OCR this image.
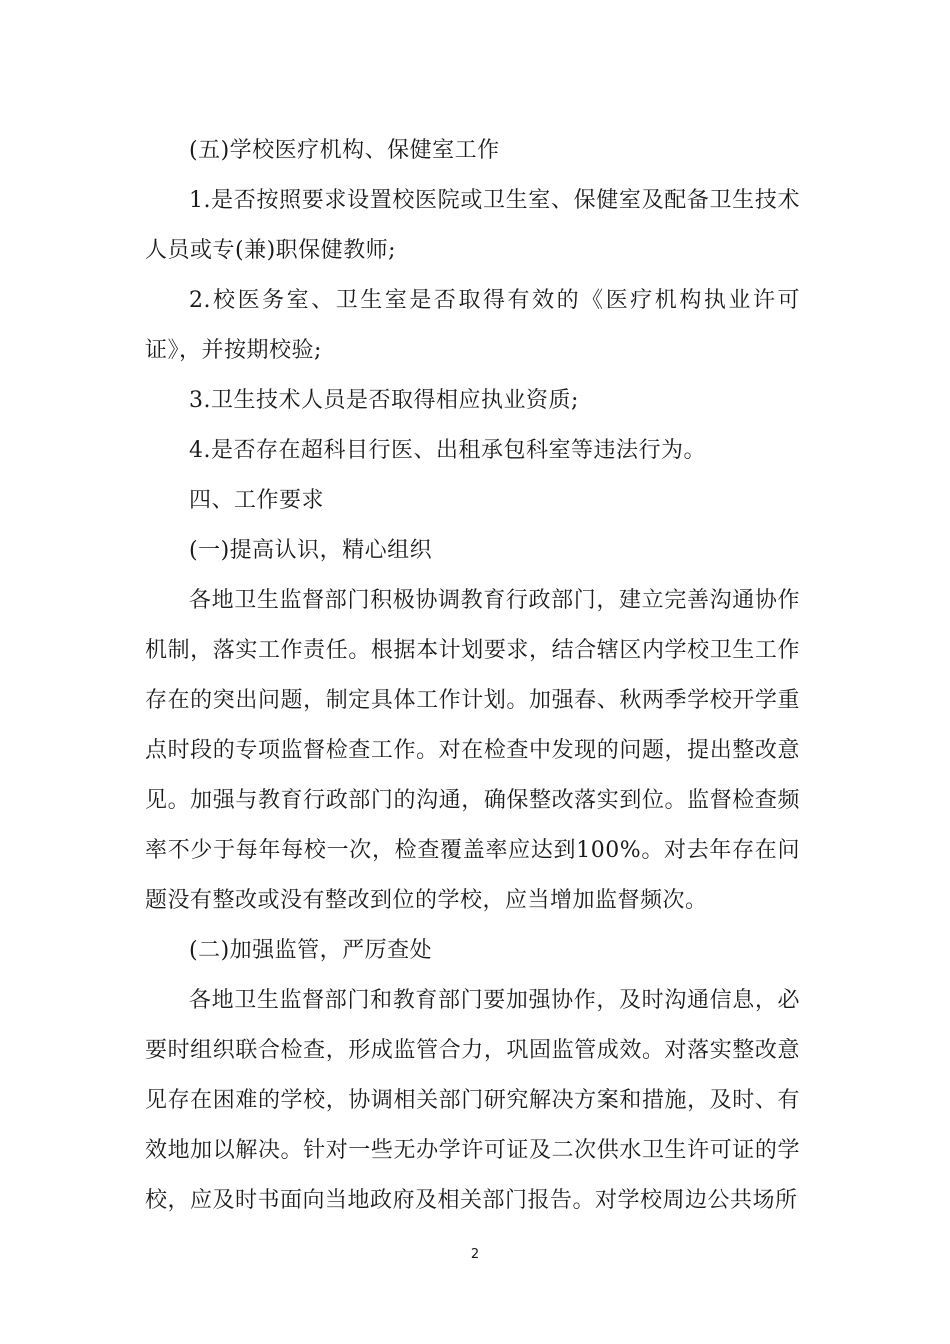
(五)学校医疗机构、保健室工作

1.是否按照要求设置校医院或卫生室、保健室及配备卫生技术人员或专(兼)职保健教师;

2.校医务室、卫生室是否取得有效的《医疗机构执业许可证》，并按期校验;

3.卫生技术人员是否取得相应执业资质;

4.是否存在超科目行医、出租承包科室等违法行为。

四、工作要求

(一)提高认识，精心组织

各地卫生监督部门积极协调教育行政部门，建立完善沟通协作机制，落实工作责任。根据本计划要求，结合辖区内学校卫生工作存在的突出问题，制定具体工作计划。加强春、秋两季学校开学重点时段的专项监督检查工作。对在检查中发现的问题，提出整改意见。加强与教育行政部门的沟通，确保整改落实到位。监督检查频率不少于每年每校一次，检查覆盖率应达到100%。对去年存在问题没有整改或没有整改到位的学校，应当增加监督频次。

(二)加强监管，严厉查处

各地卫生监督部门和教育部门要加强协作，及时沟通信息，必要时组织联合检查，形成监管合力，巩固监管成效。对落实整改意见存在困难的学校，协调相关部门研究解决方案和措施，及时、有效地加以解决。针对一些无办学许可证及二次供水卫生许可证的学校，应及时书面向当地政府及相关部门报告。对学校周边公共场所

2
